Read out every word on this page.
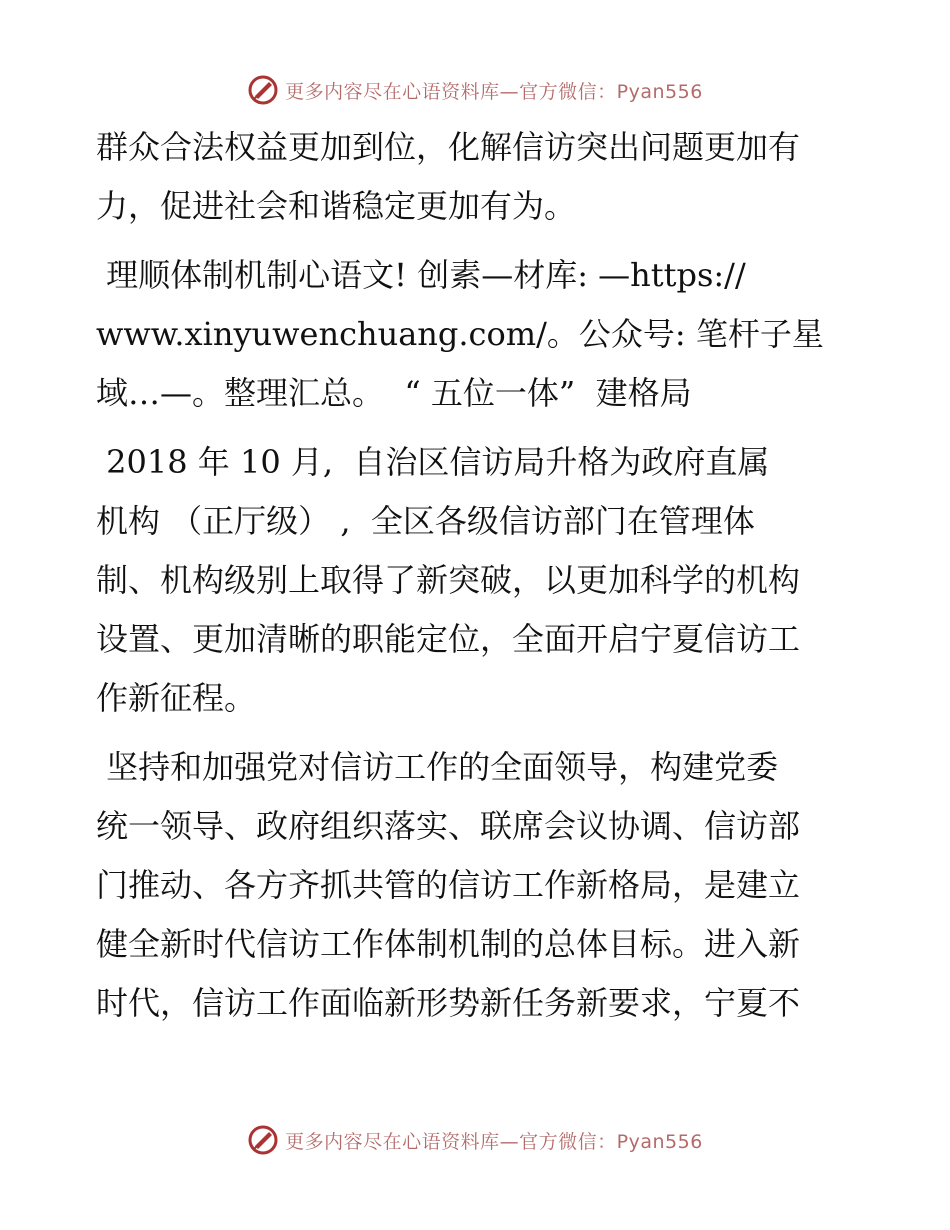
更多内容尽在心语资料库—官方微信：Pyan556
群众合法权益更加到位，化解信访突出问题更加有
力，促进社会和谐稳定更加有为。
理顺体制机制心语文! 创素—材库: —https://
www.xinyuwenchuang.com/。公众号: 笔杆子星
域…—。整理汇总。  “ 五位一体”  建格局
2018 年 10 月,  自治区信访局升格为政府直属
机构 （正厅级） ,  全区各级信访部门在管理体
制、机构级别上取得了新突破，以更加科学的机构
设置、更加清晰的职能定位，全面开启宁夏信访工
作新征程。
坚持和加强党对信访工作的全面领导，构建党委
统一领导、政府组织落实、联席会议协调、信访部
门推动、各方齐抓共管的信访工作新格局，是建立
健全新时代信访工作体制机制的总体目标。进入新
时代，信访工作面临新形势新任务新要求，宁夏不
更多内容尽在心语资料库—官方微信：Pyan556
